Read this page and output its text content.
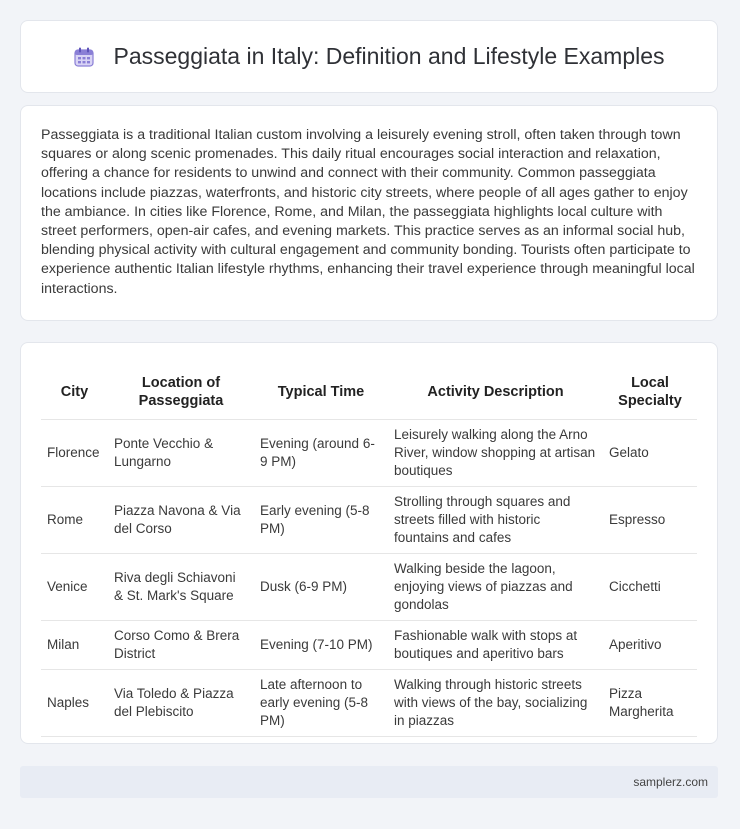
Passeggiata in Italy: Definition and Lifestyle Examples

Passeggiata is a traditional Italian custom involving a leisurely evening stroll, often taken through town squares or along scenic promenades. This daily ritual encourages social interaction and relaxation, offering a chance for residents to unwind and connect with their community. Common passeggiata locations include piazzas, waterfronts, and historic city streets, where people of all ages gather to enjoy the ambiance. In cities like Florence, Rome, and Milan, the passeggiata highlights local culture with street performers, open-air cafes, and evening markets. This practice serves as an informal social hub, blending physical activity with cultural engagement and community bonding. Tourists often participate to experience authentic Italian lifestyle rhythms, enhancing their travel experience through meaningful local interactions.

City	Location of Passeggiata	Typical Time	Activity Description	Local Specialty
Florence	Ponte Vecchio & Lungarno	Evening (around 6-9 PM)	Leisurely walking along the Arno River, window shopping at artisan boutiques	Gelato
Rome	Piazza Navona & Via del Corso	Early evening (5-8 PM)	Strolling through squares and streets filled with historic fountains and cafes	Espresso
Venice	Riva degli Schiavoni & St. Mark's Square	Dusk (6-9 PM)	Walking beside the lagoon, enjoying views of piazzas and gondolas	Cicchetti
Milan	Corso Como & Brera District	Evening (7-10 PM)	Fashionable walk with stops at boutiques and aperitivo bars	Aperitivo
Naples	Via Toledo & Piazza del Plebiscito	Late afternoon to early evening (5-8 PM)	Walking through historic streets with views of the bay, socializing in piazzas	Pizza Margherita
samplerz.com
